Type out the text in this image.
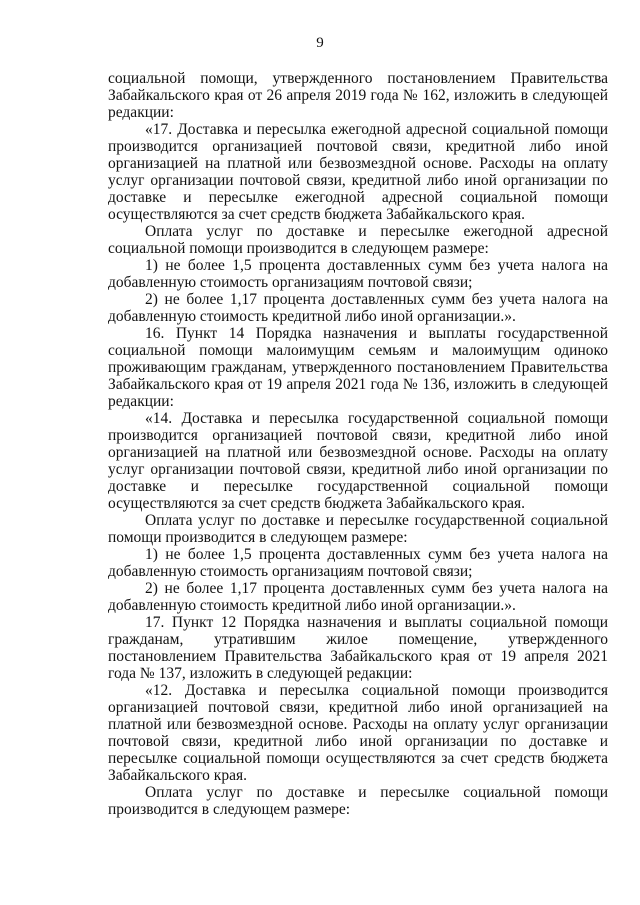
9

социальной помощи, утвержденного постановлением Правительства Забайкальского края от 26 апреля 2019 года № 162, изложить в следующей редакции:

«17. Доставка и пересылка ежегодной адресной социальной помощи производится организацией почтовой связи, кредитной либо иной организацией на платной или безвозмездной основе. Расходы на оплату услуг организации почтовой связи, кредитной либо иной организации по доставке и пересылке ежегодной адресной социальной помощи осуществляются за счет средств бюджета Забайкальского края.

Оплата услуг по доставке и пересылке ежегодной адресной социальной помощи производится в следующем размере:

1) не более 1,5 процента доставленных сумм без учета налога на добавленную стоимость организациям почтовой связи;

2) не более 1,17 процента доставленных сумм без учета налога на добавленную стоимость кредитной либо иной организации.».

16. Пункт 14 Порядка назначения и выплаты государственной социальной помощи малоимущим семьям и малоимущим одиноко проживающим гражданам, утвержденного постановлением Правительства Забайкальского края от 19 апреля 2021 года № 136, изложить в следующей редакции:

«14. Доставка и пересылка государственной социальной помощи производится организацией почтовой связи, кредитной либо иной организацией на платной или безвозмездной основе. Расходы на оплату услуг организации почтовой связи, кредитной либо иной организации по доставке и пересылке государственной социальной помощи осуществляются за счет средств бюджета Забайкальского края.

Оплата услуг по доставке и пересылке государственной социальной помощи производится в следующем размере:

1) не более 1,5 процента доставленных сумм без учета налога на добавленную стоимость организациям почтовой связи;

2) не более 1,17 процента доставленных сумм без учета налога на добавленную стоимость кредитной либо иной организации.».

17. Пункт 12 Порядка назначения и выплаты социальной помощи гражданам, утратившим жилое помещение, утвержденного постановлением Правительства Забайкальского края от 19 апреля 2021 года № 137, изложить в следующей редакции:

«12. Доставка и пересылка социальной помощи производится организацией почтовой связи, кредитной либо иной организацией на платной или безвозмездной основе. Расходы на оплату услуг организации почтовой связи, кредитной либо иной организации по доставке и пересылке социальной помощи осуществляются за счет средств бюджета Забайкальского края.

Оплата услуг по доставке и пересылке социальной помощи производится в следующем размере:
